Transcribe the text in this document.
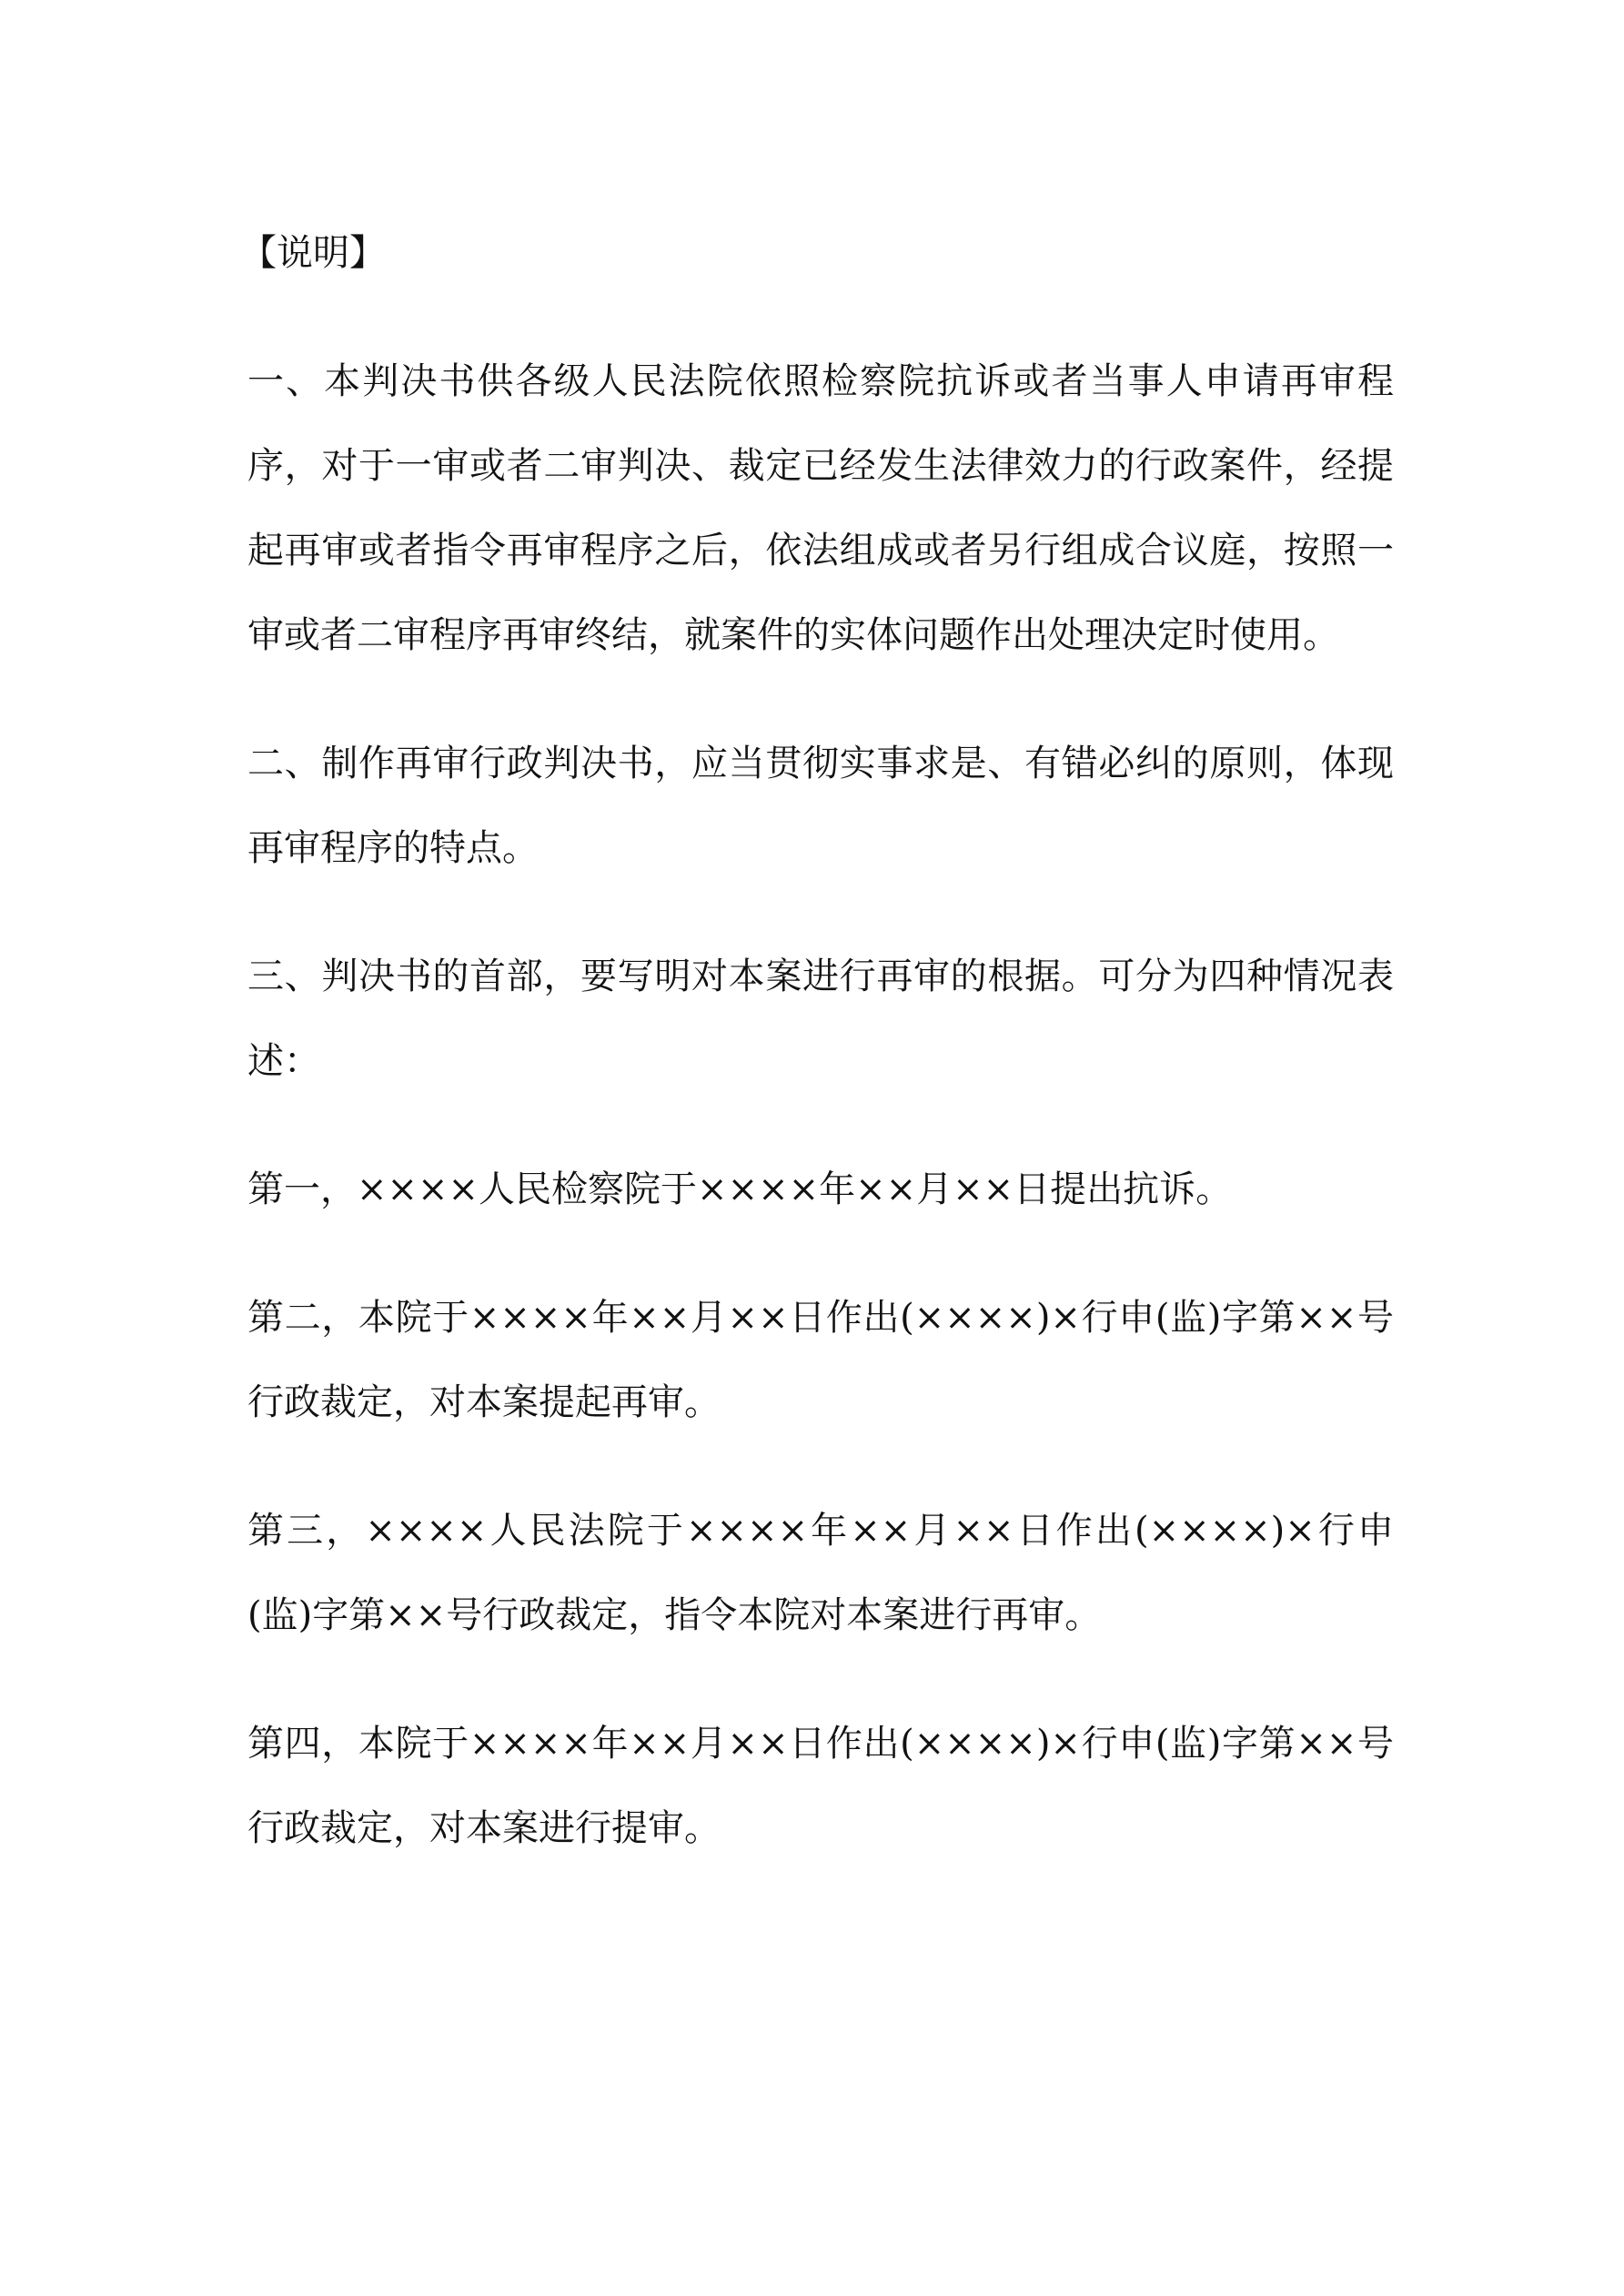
【说明】

一、本判决书供各级人民法院依照检察院抗诉或者当事人申请再审程序，对于一审或者二审判决、裁定已经发生法律效力的行政案件，经提起再审或者指令再审程序之后，依法组成或者另行组成合议庭，按照一审或者二审程序再审终结，就案件的实体问题作出处理决定时使用。

二、制作再审行政判决书，应当贯彻实事求是、有错必纠的原则，体现再审程序的特点。

三、判决书的首部，要写明对本案进行再审的根据。可分为四种情况表述：

第一，××××人民检察院于××××年××月××日提出抗诉。

第二，本院于××××年××月××日作出(××××)×行申(监)字第××号行政裁定，对本案提起再审。

第三，××××人民法院于××××年××月××日作出(××××)×行申(监)字第××号行政裁定，指令本院对本案进行再审。

第四，本院于××××年××月××日作出(××××)×行申(监)字第××号行政裁定，对本案进行提审。
